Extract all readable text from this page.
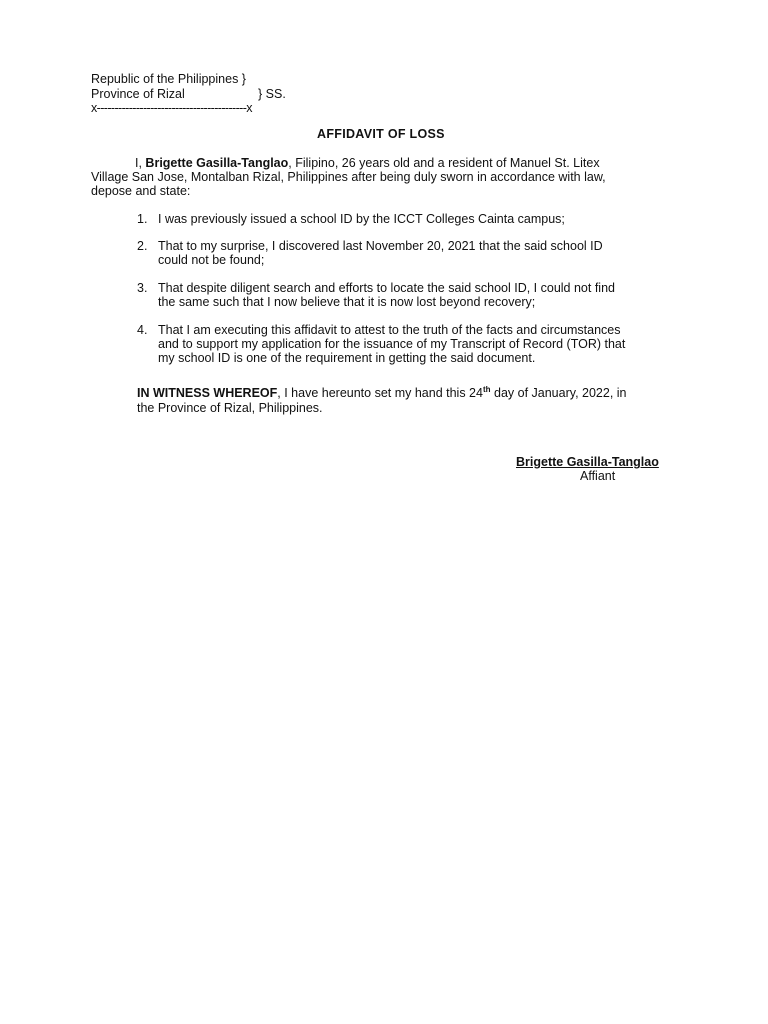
Republic of the Philippines }
Province of Rizal	} SS.
x------------------------------------------x
AFFIDAVIT OF LOSS
I, Brigette Gasilla-Tanglao, Filipino, 26 years old and a resident of Manuel St. Litex
Village San Jose, Montalban Rizal, Philippines after being duly sworn in accordance with law,
depose and state:
1. I was previously issued a school ID by the ICCT Colleges Cainta campus;
2. That to my surprise, I discovered last November 20, 2021 that the said school ID
could not be found;
3. That despite diligent search and efforts to locate the said school ID, I could not find
the same such that I now believe that it is now lost beyond recovery;
4. That I am executing this affidavit to attest to the truth of the facts and circumstances
and to support my application for the issuance of my Transcript of Record (TOR) that
my school ID is one of the requirement in getting the said document.
IN WITNESS WHEREOF, I have hereunto set my hand this 24th day of January, 2022, in
the Province of Rizal, Philippines.
Brigette Gasilla-Tanglao
Affiant
